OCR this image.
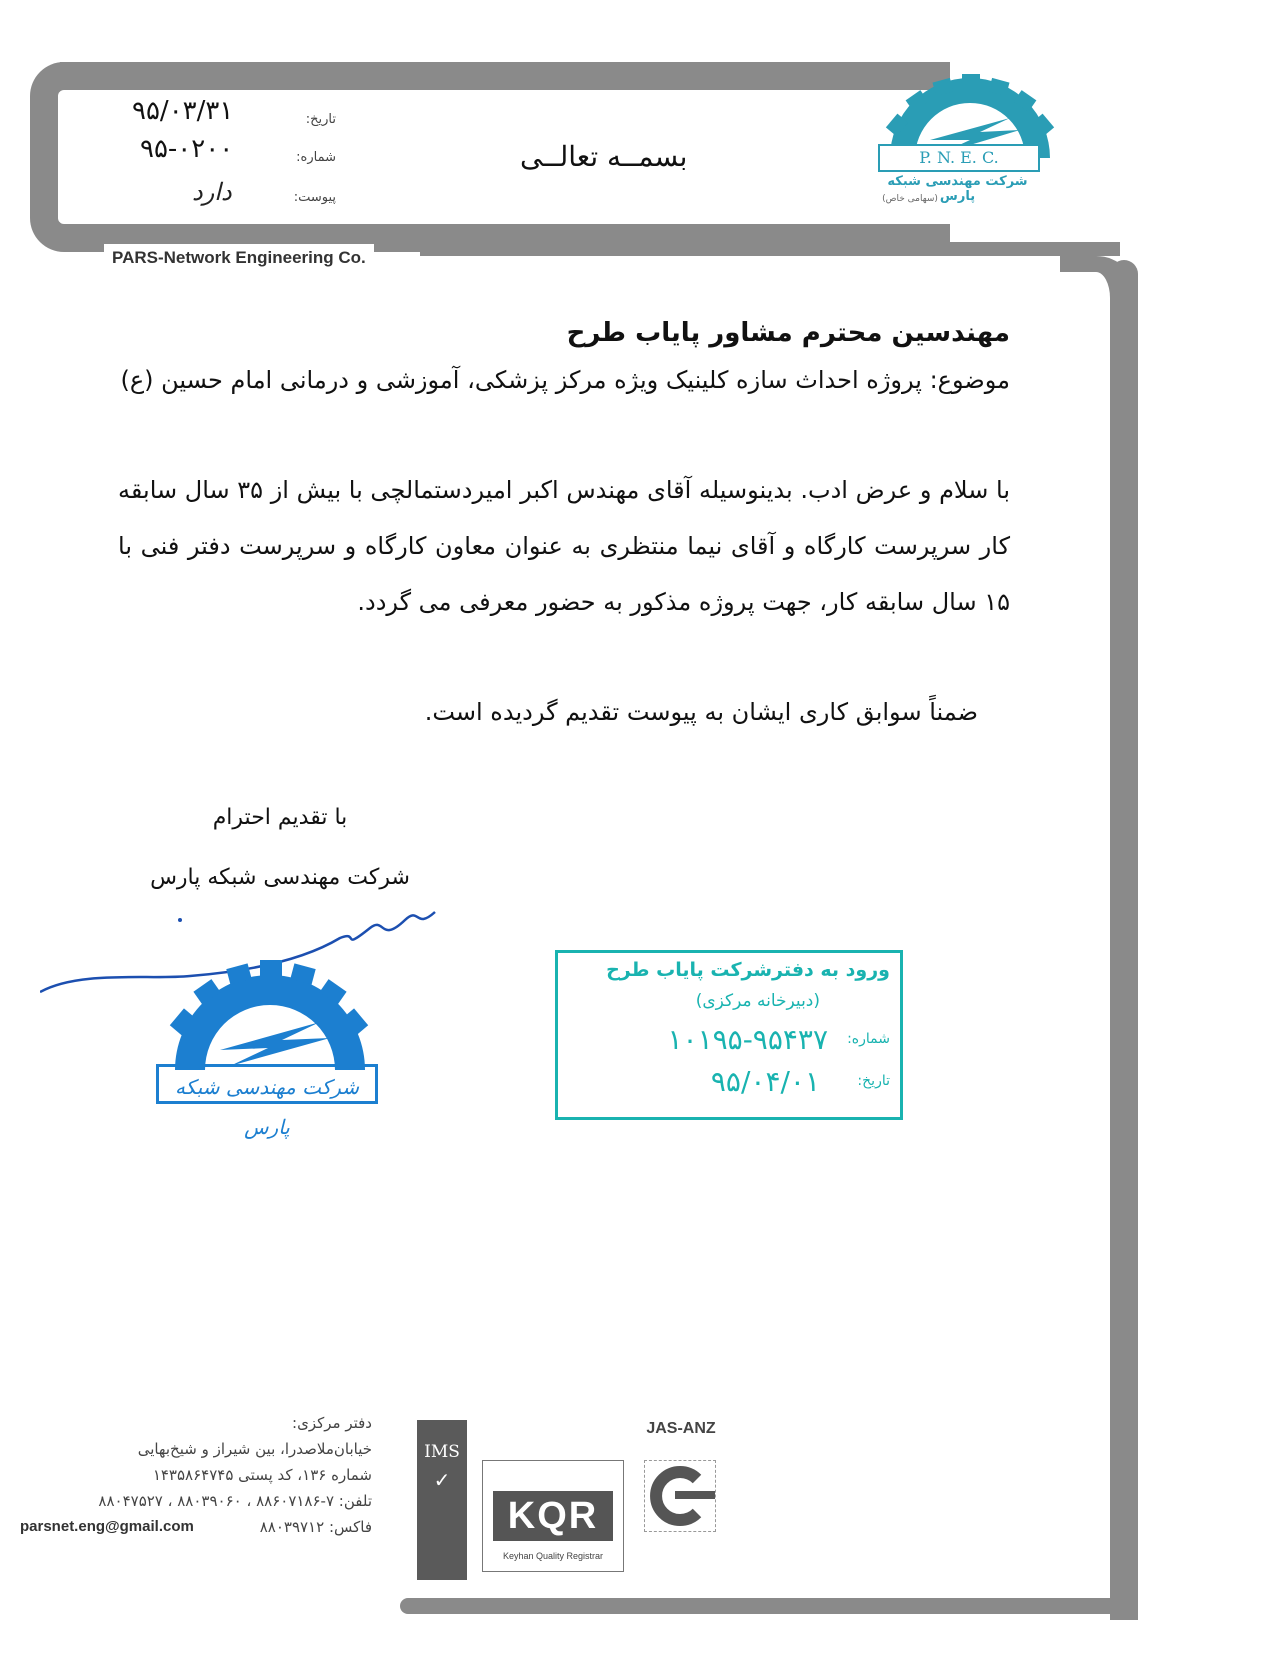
PARS-Network Engineering Co.
تاریخ:
۹۵/۰۳/۳۱
شماره:
۹۵-۰۲۰۰
پیوست:
دارد
بسمــه تعالــی	P. N. E. C.
شرکت مهندسی شبکه پارس
(سهامی خاص)
مهندسین محترم مشاور پایاب طرح
موضوع: پروژه احداث سازه کلینیک ویژه مرکز پزشکی، آموزشی و درمانی امام حسین (ع)
با سلام و عرض ادب. بدینوسیله آقای مهندس اکبر امیردستمالچی با بیش از ۳۵ سال سابقه کار سرپرست کارگاه و آقای نیما منتظری به عنوان معاون کارگاه و سرپرست دفتر فنی با ۱۵ سال سابقه کار، جهت پروژه مذکور به حضور معرفی می گردد.
ضمناً سوابق کاری ایشان به پیوست تقدیم گردیده است.
با تقدیم احترام
شرکت مهندسی شبکه پارس
شرکت مهندسی شبکه پارس
ورود به دفترشرکت پایاب طرح
(دبیرخانه مرکزی)
شماره:
۱۰۱۹۵-۹۵۴۳۷
تاریخ:
۹۵/۰۴/۰۱
دفتر مرکزی:
خیابان‌ملاصدرا، بین شیراز و شیخ‌بهایی
شماره ۱۳۶، کد پستی ۱۴۳۵۸۶۴۷۴۵
تلفن: ۷-۸۸۶۰۷۱۸۶ ، ۸۸۰۳۹۰۶۰ ، ۸۸۰۴۷۵۲۷
فاکس: ۸۸۰۳۹۷۱۲
parsnet.eng@gmail.com
IMS
✓
KQR
Keyhan Quality Registrar
JAS-ANZ
